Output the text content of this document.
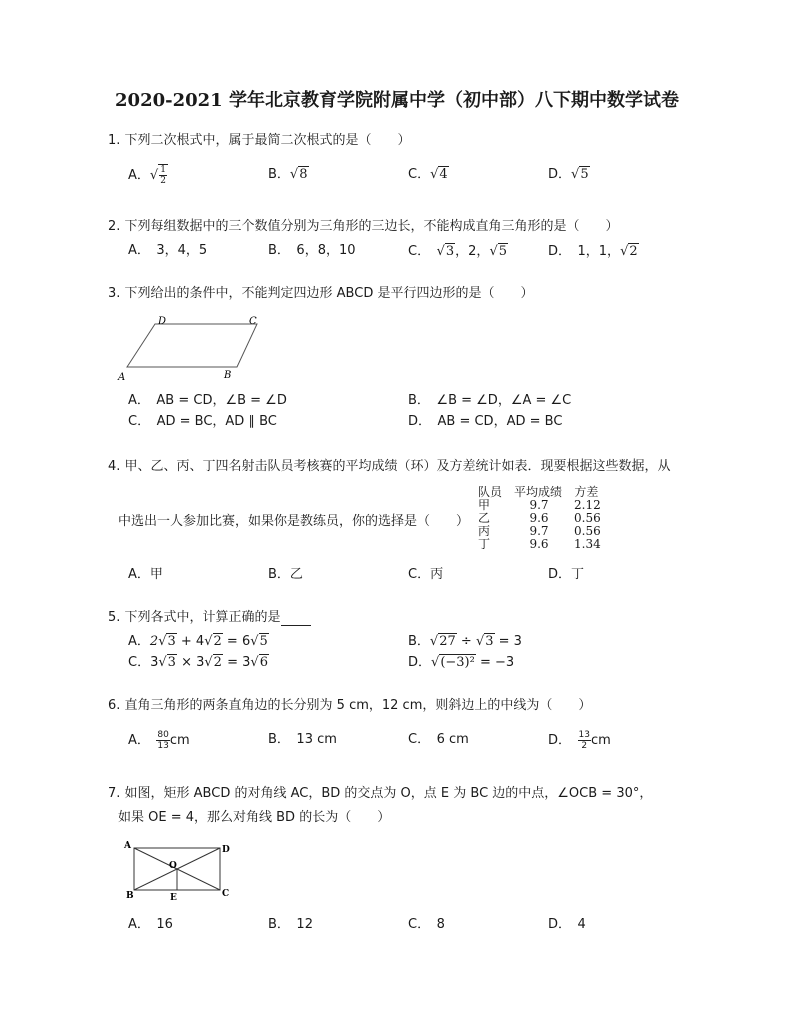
2020-2021 学年北京教育学院附属中学（初中部）八下期中数学试卷
1. 下列二次根式中，属于最简二次根式的是（　　）
A．√ $\frac{1}{2}$	B．√8	C．√4	D．√5
2. 下列每组数据中的三个数值分别为三角形的三边长，不能构成直角三角形的是（　　）
A．　3，4，5	B．　6，8，10	C．　√3，2，√5	D．　1，1，√2
3. 下列给出的条件中，不能判定四边形 ABCD 是平行四边形的是（　　）
A	B
C
D
A．　AB = CD，∠B = ∠D	B．　∠B = ∠D，∠A = ∠C
C．　AD = BC，AD ∥ BC	D．　AB = CD，AD = BC
4. 甲、乙、丙、丁四名射击队员考核赛的平均成绩（环）及方差统计如表．现要根据这些数据，从
中选出一人参加比赛，如果你是教练员，你的选择是（　　）
队员	平均成绩	方差
甲	9.7	2.12
乙	9.6	0.56
丙	9.7	0.56
丁	9.6	1.34
A．甲	B．乙	C．丙	D．丁
5. 下列各式中，计算正确的是
A．2√3 + 4√2 = 6√5	B．√27 ÷ √3 = 3
C．3√3 × 3√2 = 3√6	D．√(−3)² = −3
6. 直角三角形的两条直角边的长分别为 5 cm，12 cm，则斜边上的中线为（　　）
A．　 $\frac{80}{13}$ cm	B．　13 cm	C．　6 cm	D．　 $\frac{13}{2}$ cm
7. 如图，矩形 ABCD 的对角线 AC，BD 的交点为 O，点 E 为 BC 边的中点，∠OCB = 30°，
如果 OE = 4，那么对角线 BD 的长为（　　）
A
B	C
D
O
E
A．　16	B．　12	C．　8	D．　4
